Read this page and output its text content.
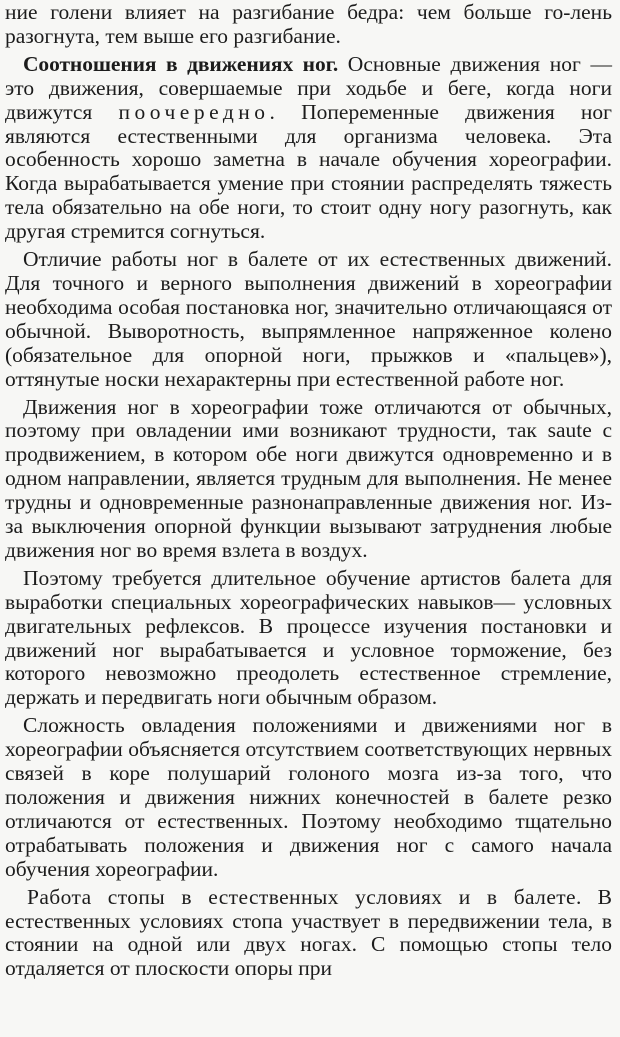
ние голени влияет на разгибание бедра: чем больше го-лень разогнута, тем выше его разгибание.

Соотношения в движениях ног. Основные движения ног — это движения, совершаемые при ходьбе и беге, когда ноги движутся поочередно. Попеременные движения ног являются естественными для организма человека. Эта особенность хорошо заметна в начале обучения хореографии. Когда вырабатывается умение при стоянии распределять тяжесть тела обязательно на обе ноги, то стоит одну ногу разогнуть, как другая стремится согнуться.

Отличие работы ног в балете от их естественных движений. Для точного и верного выполнения движений в хореографии необходима особая постановка ног, значительно отличающаяся от обычной. Выворотность, выпрямленное напряженное колено (обязательное для опорной ноги, прыжков и «пальцев»), оттянутые носки нехарактерны при естественной работе ног.

Движения ног в хореографии тоже отличаются от обычных, поэтому при овладении ими возникают трудности, так saute с продвижением, в котором обе ноги движутся одновременно и в одном направлении, является трудным для выполнения. Не менее трудны и одновременные разнонаправленные движения ног. Из-за выключения опорной функции вызывают затруднения любые движения ног во время взлета в воздух.

Поэтому требуется длительное обучение артистов балета для выработки специальных хореографических навыков— условных двигательных рефлексов. В процессе изучения постановки и движений ног вырабатывается и условное торможение, без которого невозможно преодолеть естественное стремление, держать и передвигать ноги обычным образом.

Сложность овладения положениями и движениями ног в хореографии объясняется отсутствием соответствующих нервных связей в коре полушарий голоного мозга из-за того, что положения и движения нижних конечностей в балете резко отличаются от естественных. Поэтому необходимо тщательно отрабатывать положения и движения ног с самого начала обучения хореографии.

Работа стопы в естественных условиях и в балете. В естественных условиях стопа участвует в передвижении тела, в стоянии на одной или двух ногах. С помощью стопы тело отдаляется от плоскости опоры при
